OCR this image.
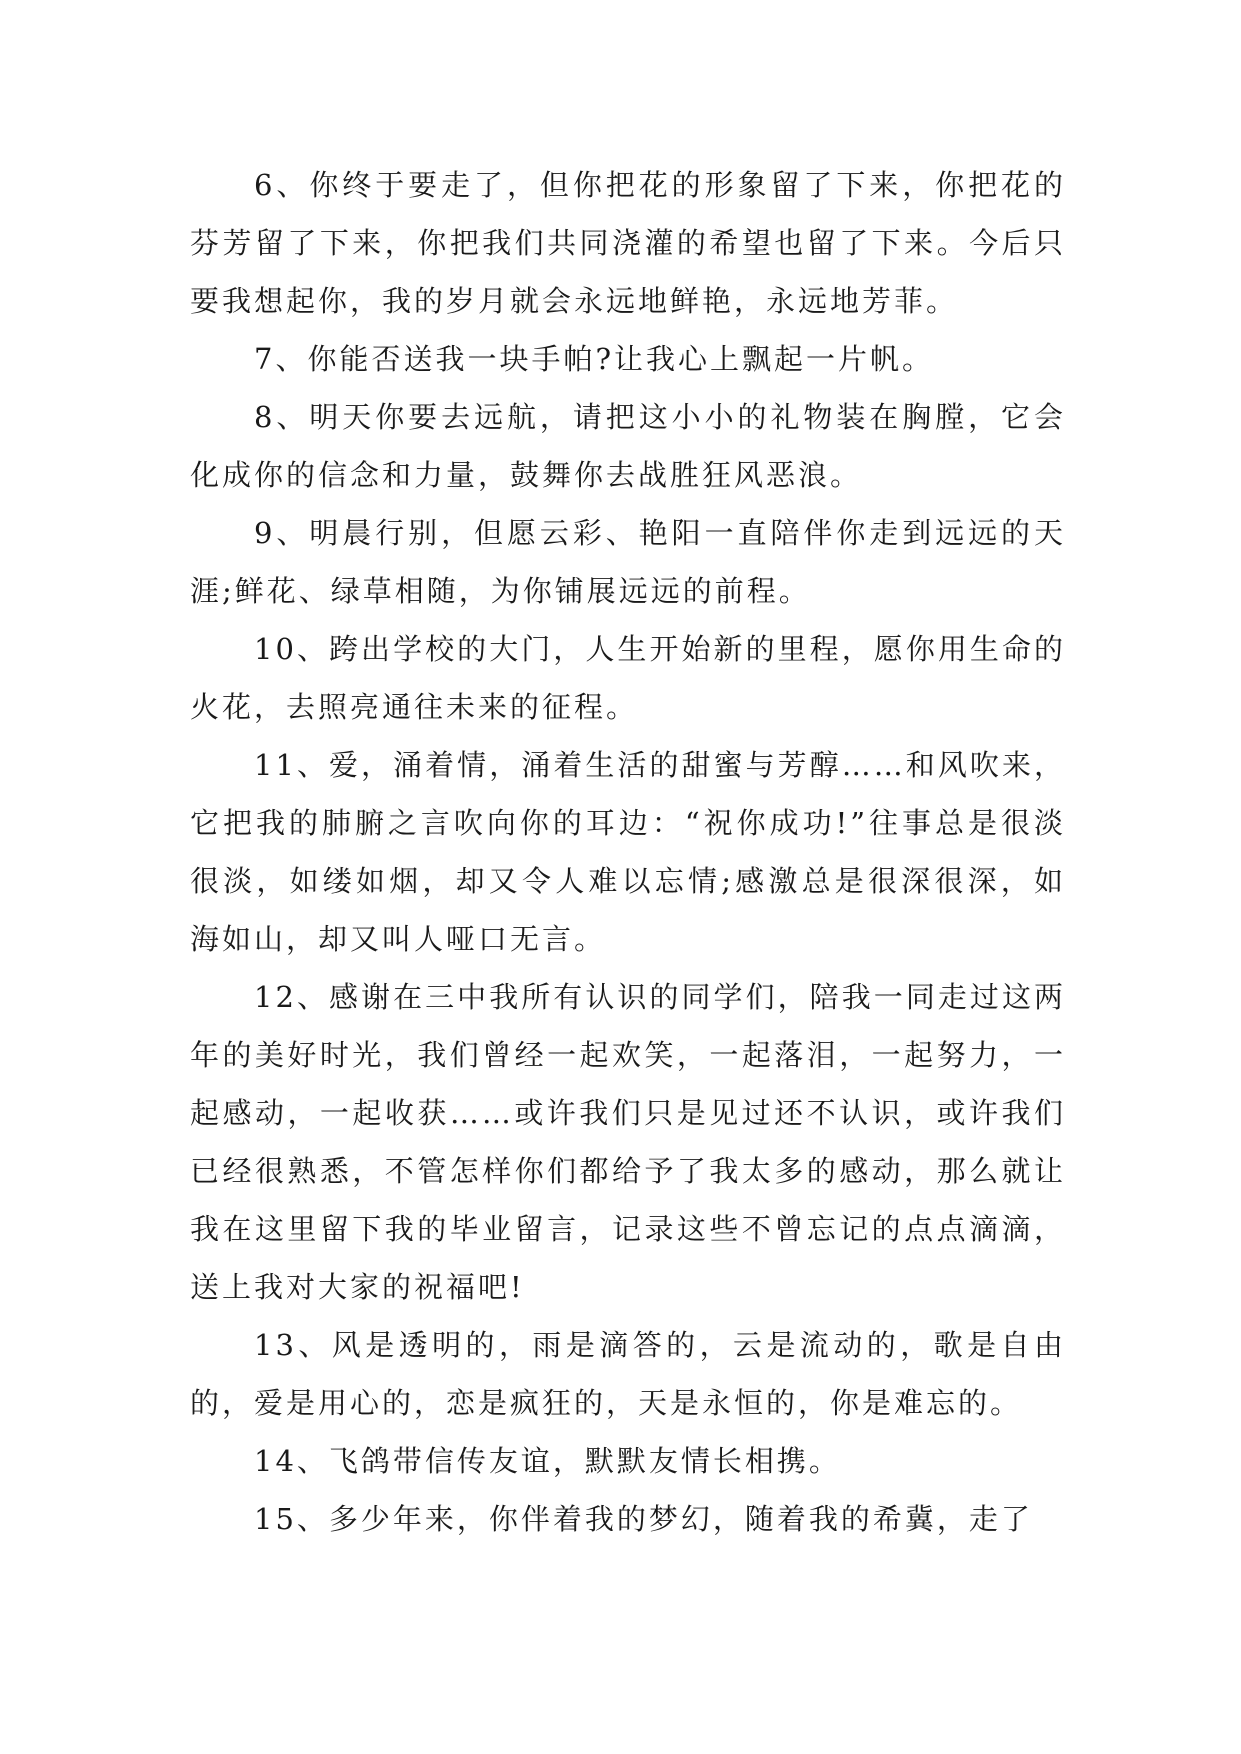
6、你终于要走了，但你把花的形象留了下来，你把花的芬芳留了下来，你把我们共同浇灌的希望也留了下来。今后只要我想起你，我的岁月就会永远地鲜艳，永远地芳菲。

7、你能否送我一块手帕?让我心上飘起一片帆。

8、明天你要去远航，请把这小小的礼物装在胸膛，它会化成你的信念和力量，鼓舞你去战胜狂风恶浪。

9、明晨行别，但愿云彩、艳阳一直陪伴你走到远远的天涯;鲜花、绿草相随，为你铺展远远的前程。

10、跨出学校的大门，人生开始新的里程，愿你用生命的火花，去照亮通往未来的征程。

11、爱，涌着情，涌着生活的甜蜜与芳醇……和风吹来，它把我的肺腑之言吹向你的耳边：“祝你成功!”往事总是很淡很淡，如缕如烟，却又令人难以忘情;感激总是很深很深，如海如山，却又叫人哑口无言。

12、感谢在三中我所有认识的同学们，陪我一同走过这两年的美好时光，我们曾经一起欢笑，一起落泪，一起努力，一起感动，一起收获……或许我们只是见过还不认识，或许我们已经很熟悉，不管怎样你们都给予了我太多的感动，那么就让我在这里留下我的毕业留言，记录这些不曾忘记的点点滴滴，送上我对大家的祝福吧!

13、风是透明的，雨是滴答的，云是流动的，歌是自由的，爱是用心的，恋是疯狂的，天是永恒的，你是难忘的。

14、飞鸽带信传友谊，默默友情长相携。

15、多少年来，你伴着我的梦幻，随着我的希冀，走了
